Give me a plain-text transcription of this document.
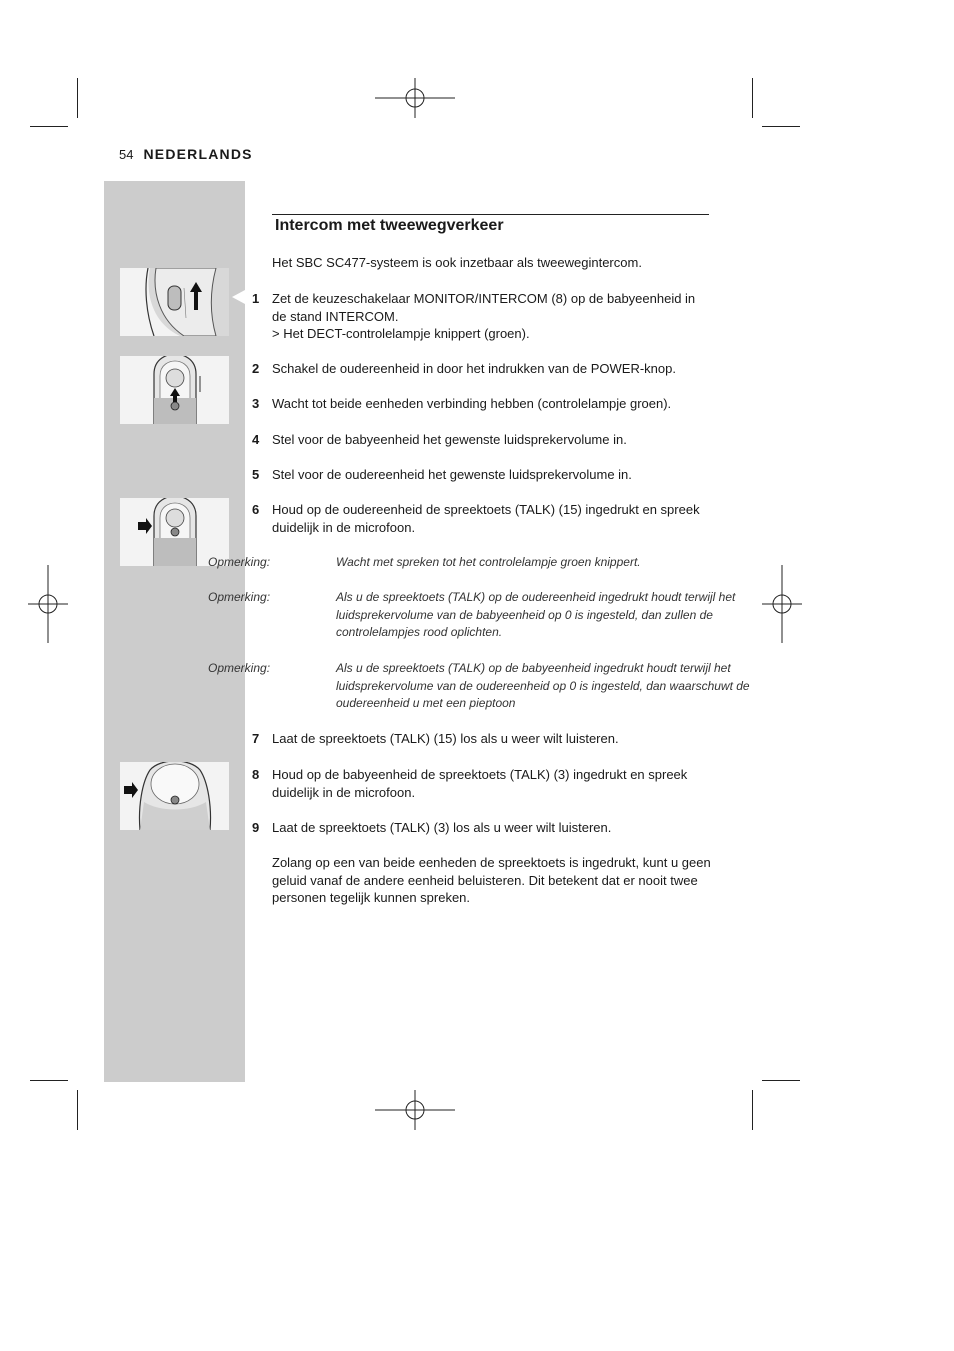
54 NEDERLANDS
Intercom met tweewegverkeer
Het SBC SC477-systeem is ook inzetbaar als tweewegintercom.
1 Zet de keuzeschakelaar MONITOR/INTERCOM (8) op de babyeenheid in de stand INTERCOM.
> Het DECT-controlelampje knippert (groen).
2 Schakel de oudereenheid in door het indrukken van de POWER-knop.
3 Wacht tot beide eenheden verbinding hebben (controlelampje groen).
4 Stel voor de babyeenheid het gewenste luidsprekervolume in.
5 Stel voor de oudereenheid het gewenste luidsprekervolume in.
6 Houd op de oudereenheid de spreektoets (TALK) (15) ingedrukt en spreek duidelijk in de microfoon.
Opmerking:	Wacht met spreken tot het controlelampje groen knippert.
Opmerking:	Als u de spreektoets (TALK) op de oudereenheid ingedrukt houdt terwijl het luidsprekervolume van de babyeenheid op 0 is ingesteld, dan zullen de controlelampjes rood oplichten.
Opmerking:	Als u de spreektoets (TALK) op de babyeenheid ingedrukt houdt terwijl het luidsprekervolume van de oudereenheid op 0 is ingesteld, dan waarschuwt de oudereenheid u met een pieptoon
7 Laat de spreektoets (TALK) (15) los als u weer wilt luisteren.
8 Houd op de babyeenheid de spreektoets (TALK) (3) ingedrukt en spreek duidelijk in de microfoon.
9 Laat de spreektoets (TALK) (3) los als u weer wilt luisteren.
Zolang op een van beide eenheden de spreektoets is ingedrukt, kunt u geen geluid vanaf de andere eenheid beluisteren. Dit betekent dat er nooit twee personen tegelijk kunnen spreken.
